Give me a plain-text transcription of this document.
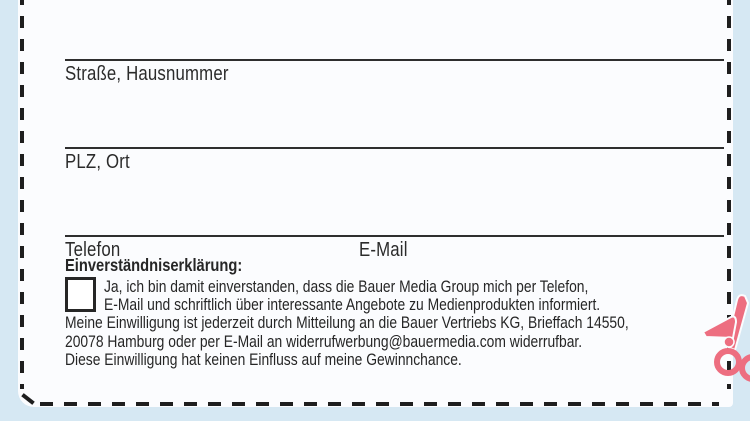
Straße, Hausnummer
PLZ, Ort
Telefon	E-Mail
Einverständniserklärung:
Ja, ich bin damit einverstanden, dass die Bauer Media Group mich per Telefon,
E-Mail und schriftlich über interessante Angebote zu Medienprodukten informiert.
Meine Einwilligung ist jederzeit durch Mitteilung an die Bauer Vertriebs KG, Brieffach 14550,
20078 Hamburg oder per E-Mail an widerrufwerbung@bauermedia.com widerrufbar.
Diese Einwilligung hat keinen Einfluss auf meine Gewinnchance.
